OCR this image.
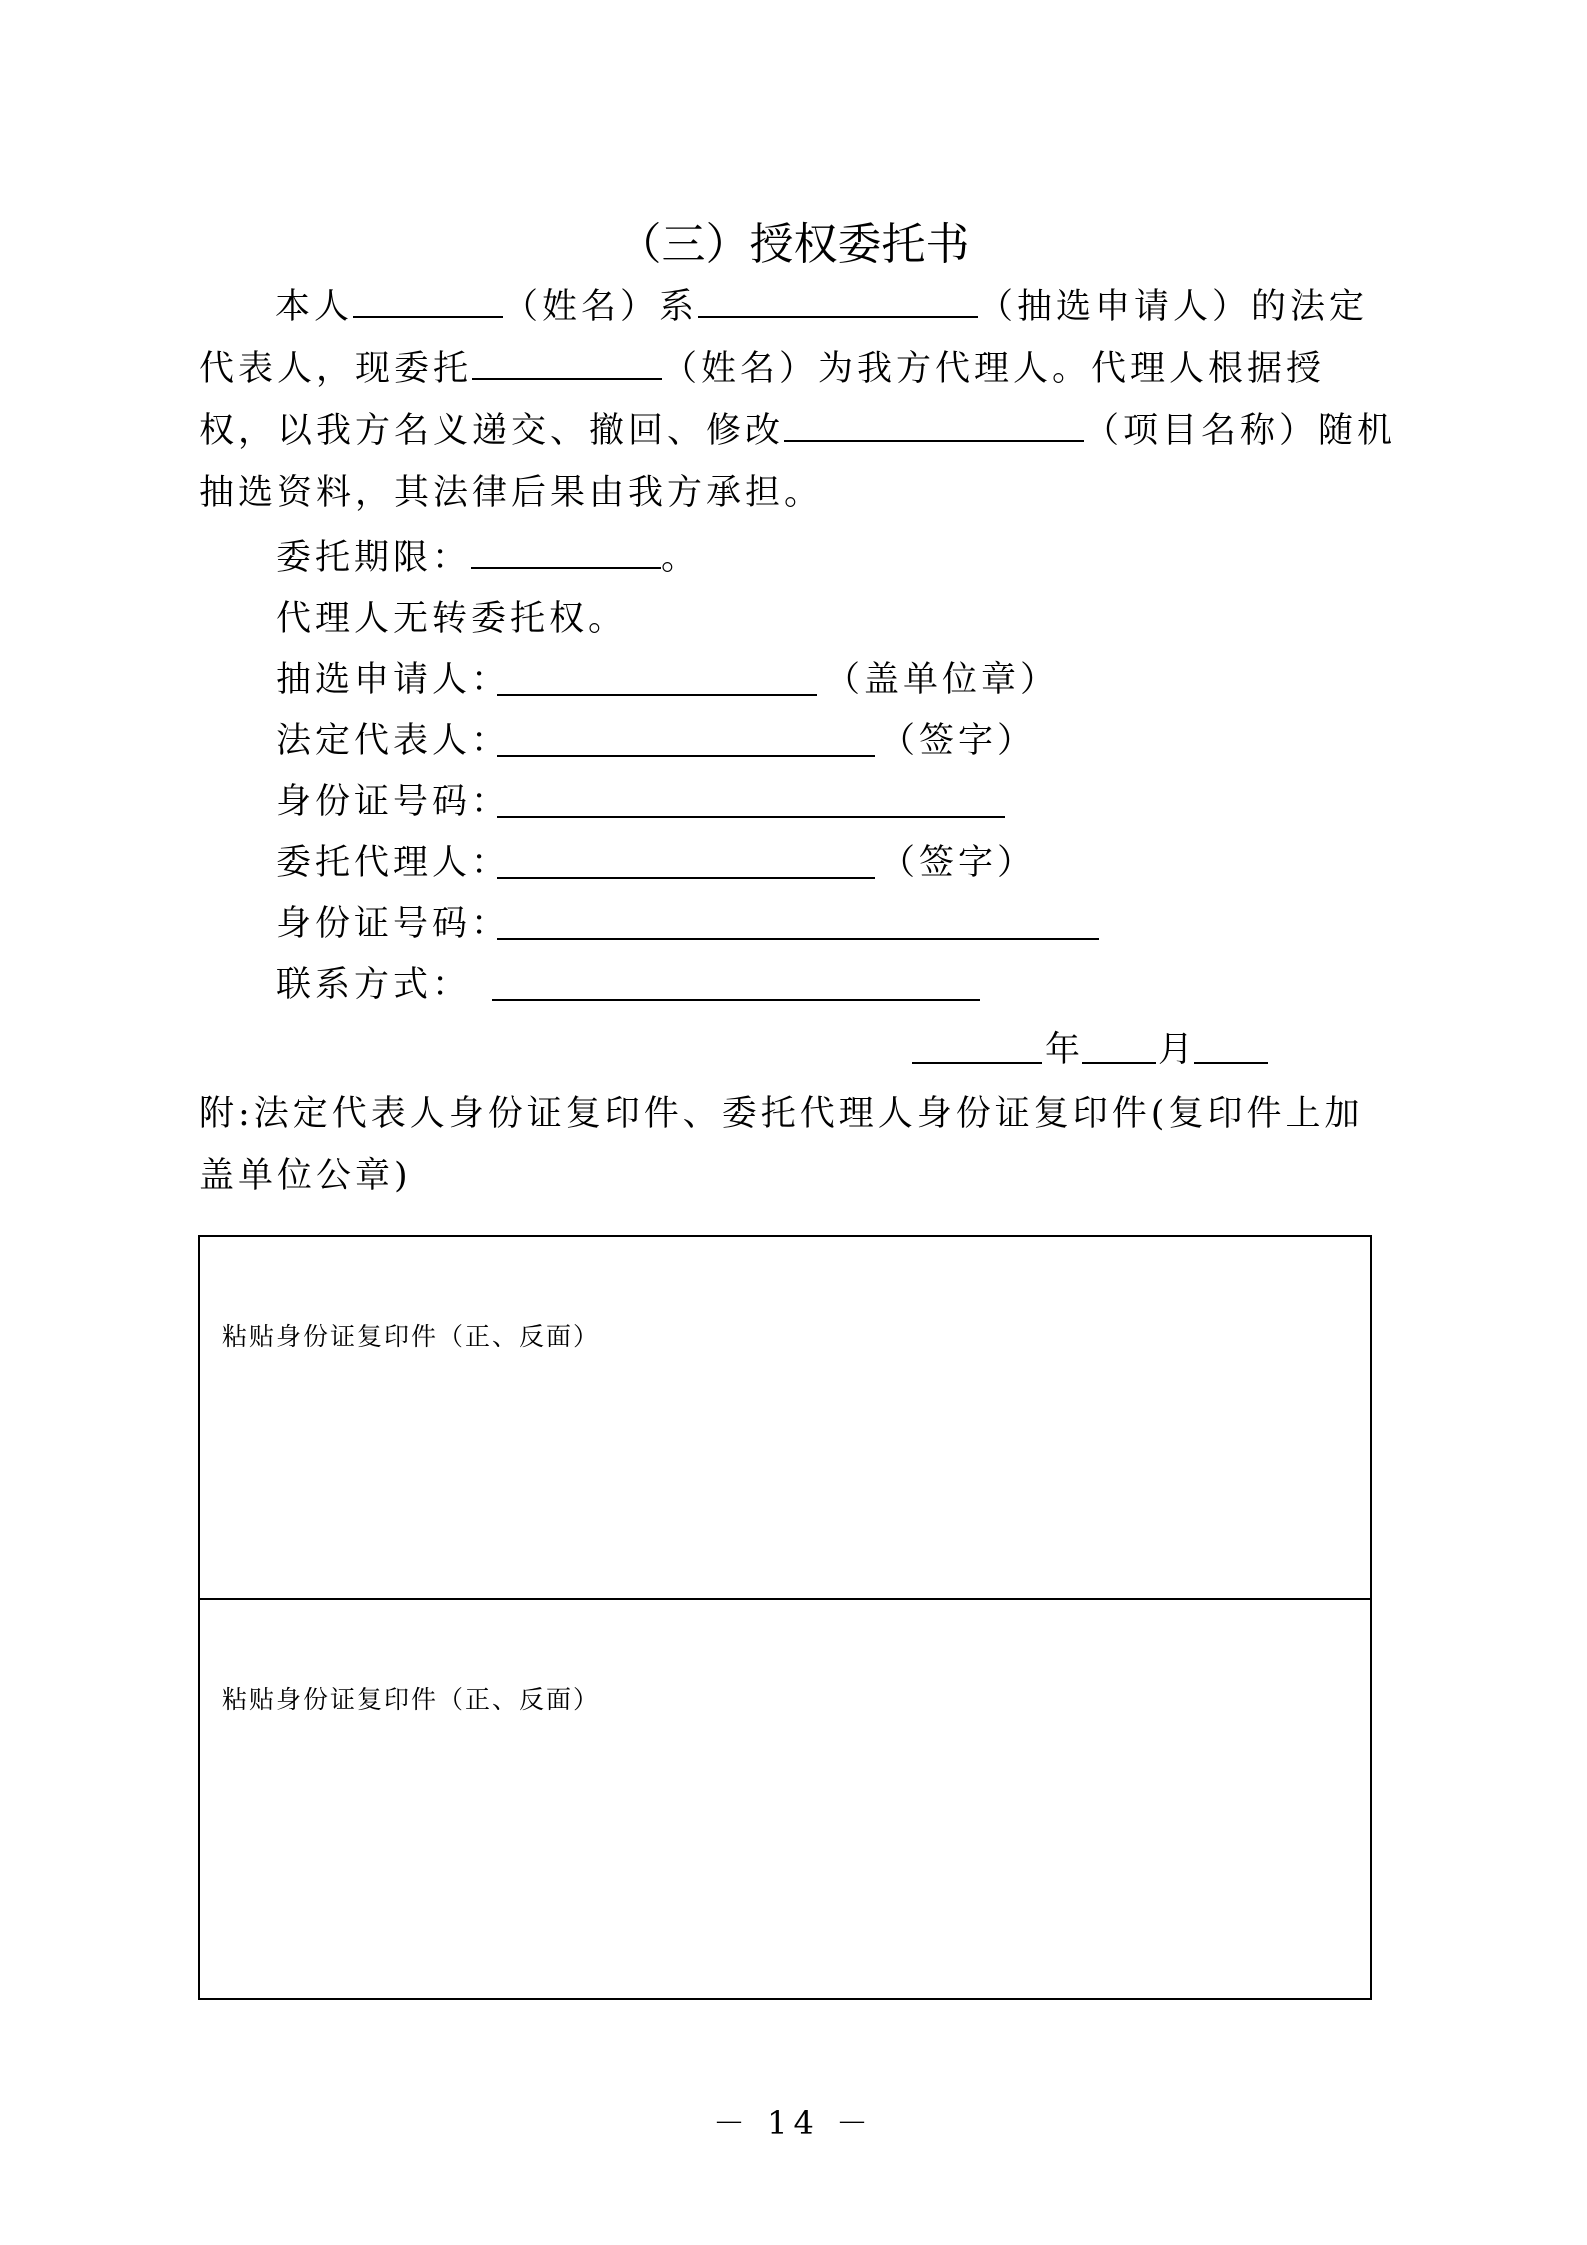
（三）授权委托书
本人	（姓名）系	（抽选申请人）的法定代表人，现委托	（姓名）为我方代理人。代理人根据授权，以我方名义递交、撤回、修改	（项目名称）随机抽选资料，其法律后果由我方承担。
委托期限：	。
代理人无转委托权。
抽选申请人：	（盖单位章）
法定代表人：	（签字）
身份证号码：
委托代理人：	（签字）
身份证号码：
联系方式：
年 月
附:法定代表人身份证复印件、委托代理人身份证复印件(复印件上加盖单位公章)
粘贴身份证复印件（正、反面）
粘贴身份证复印件（正、反面）
－ 14 －
